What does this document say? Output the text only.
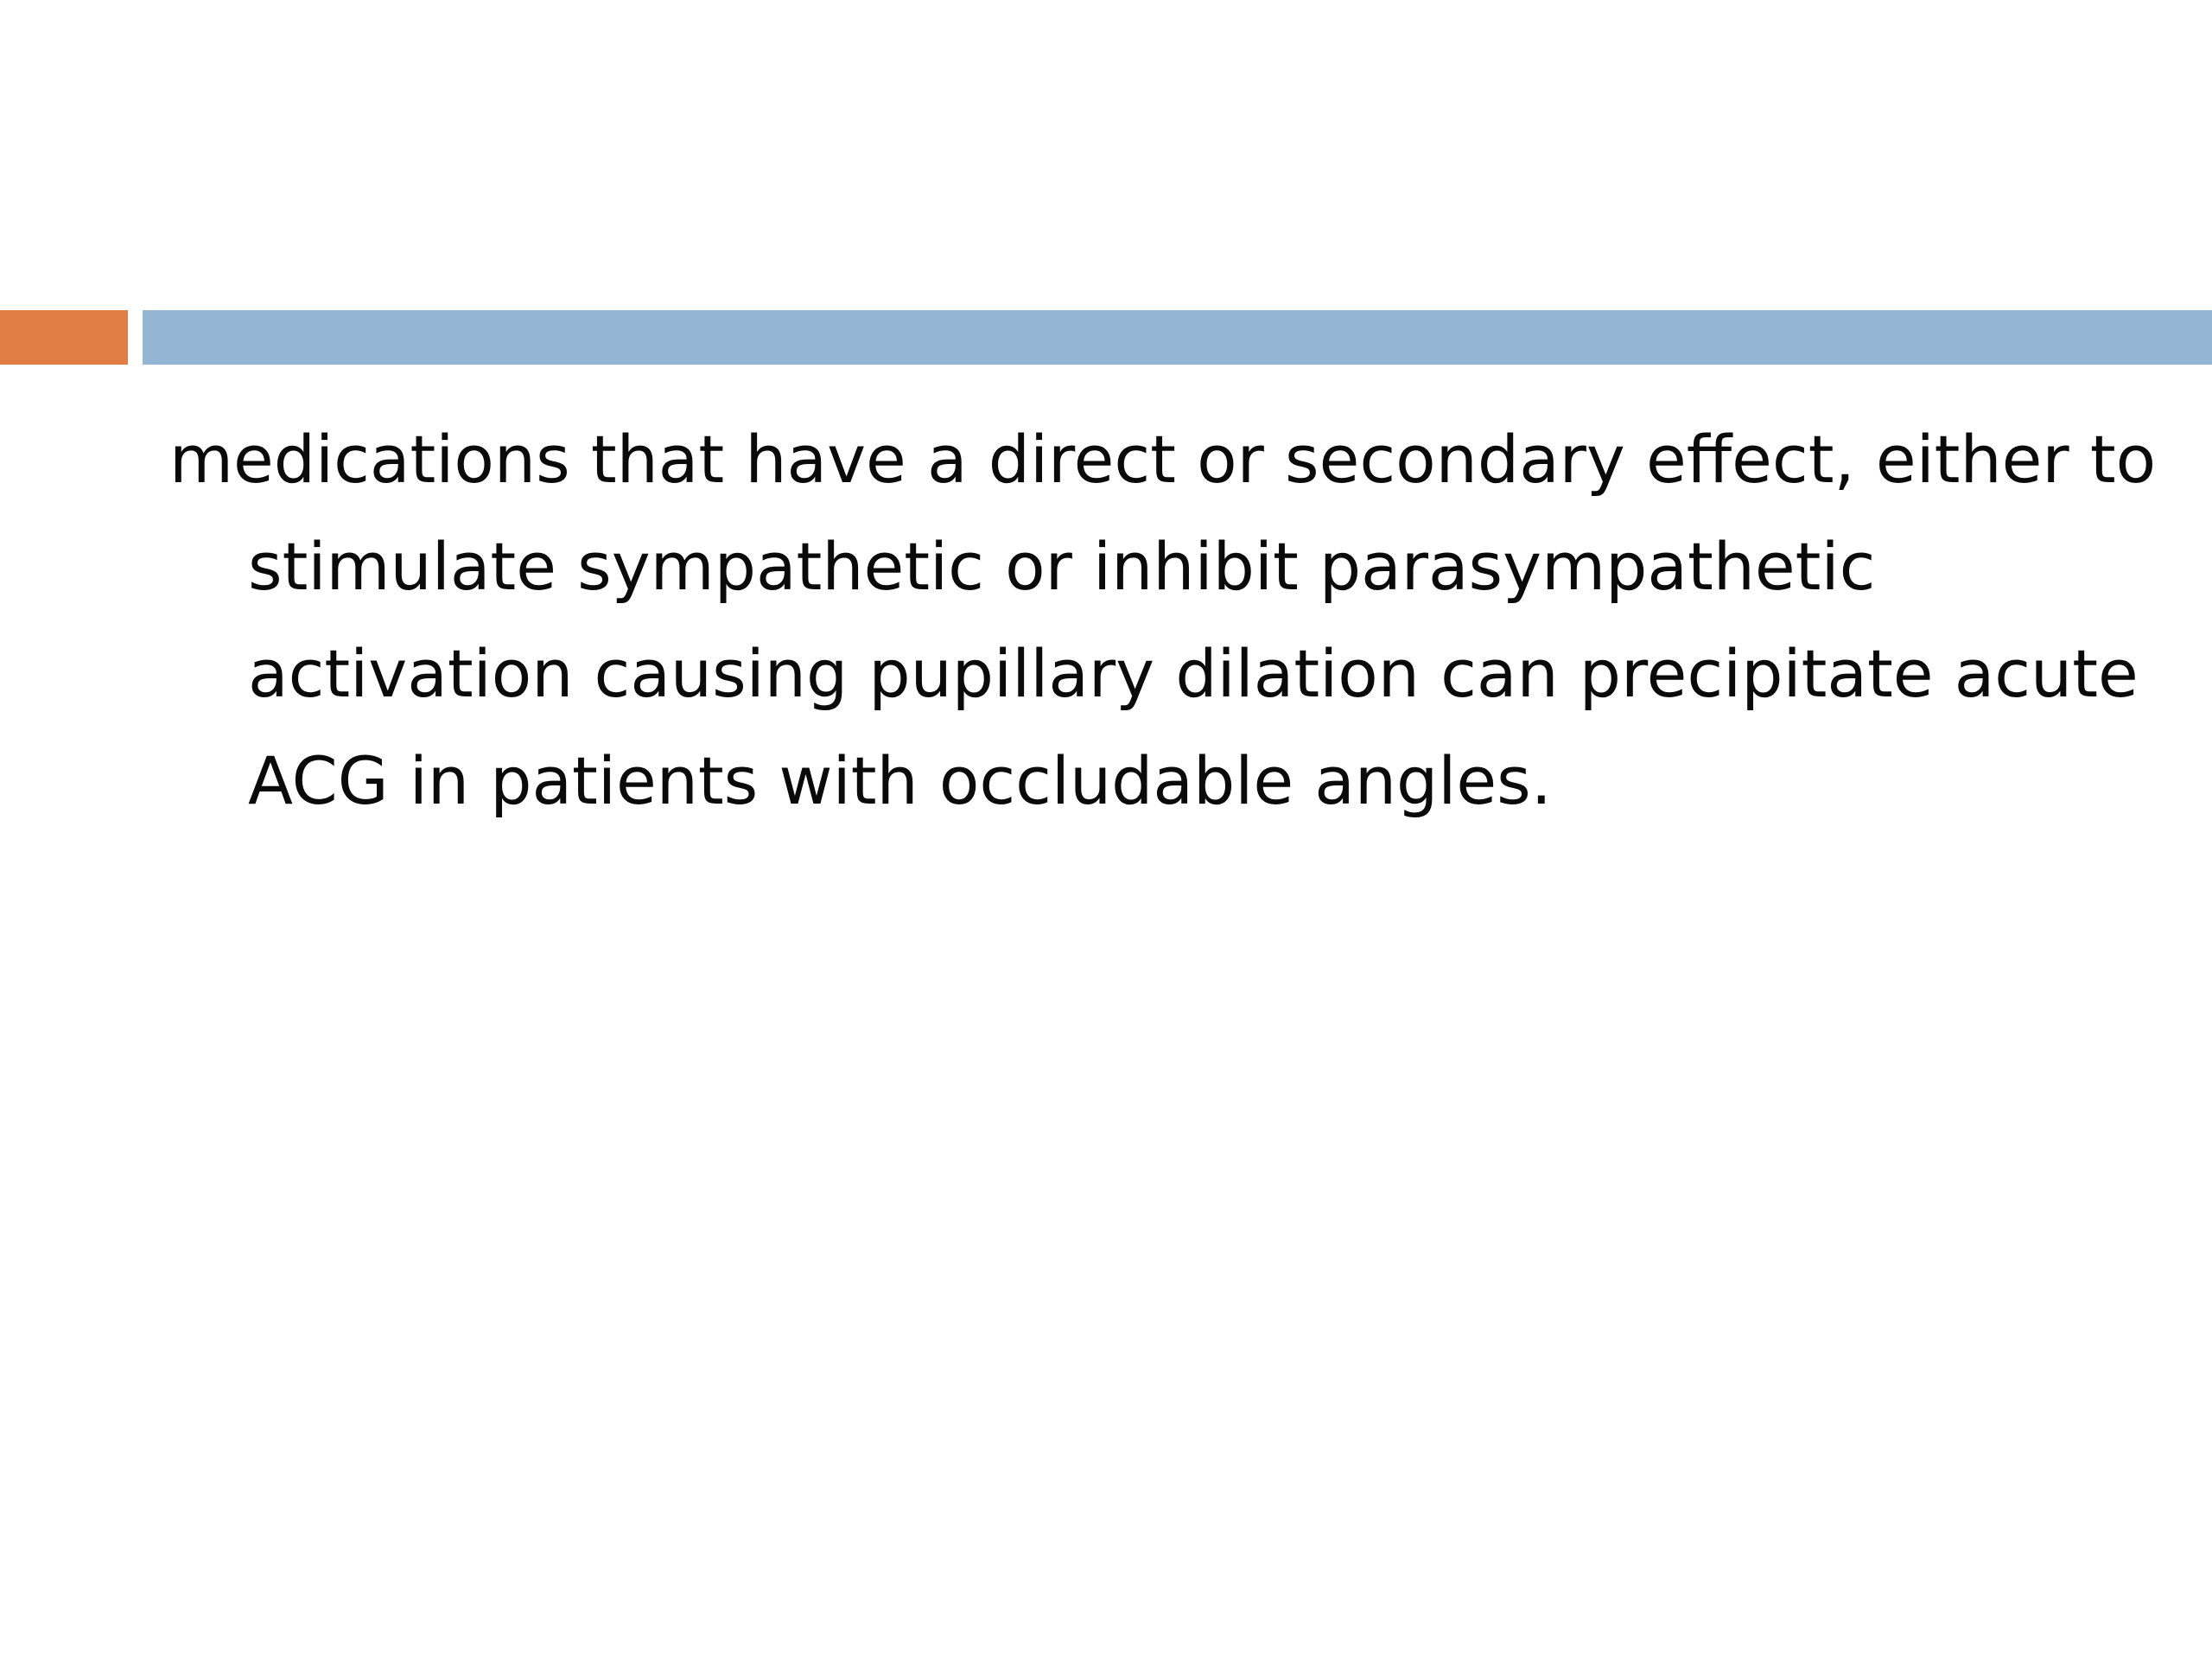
medications that have a direct or secondary effect, either to stimulate sympathetic or inhibit parasympathetic activation causing pupillary dilation can precipitate acute ACG in patients with occludable angles.
